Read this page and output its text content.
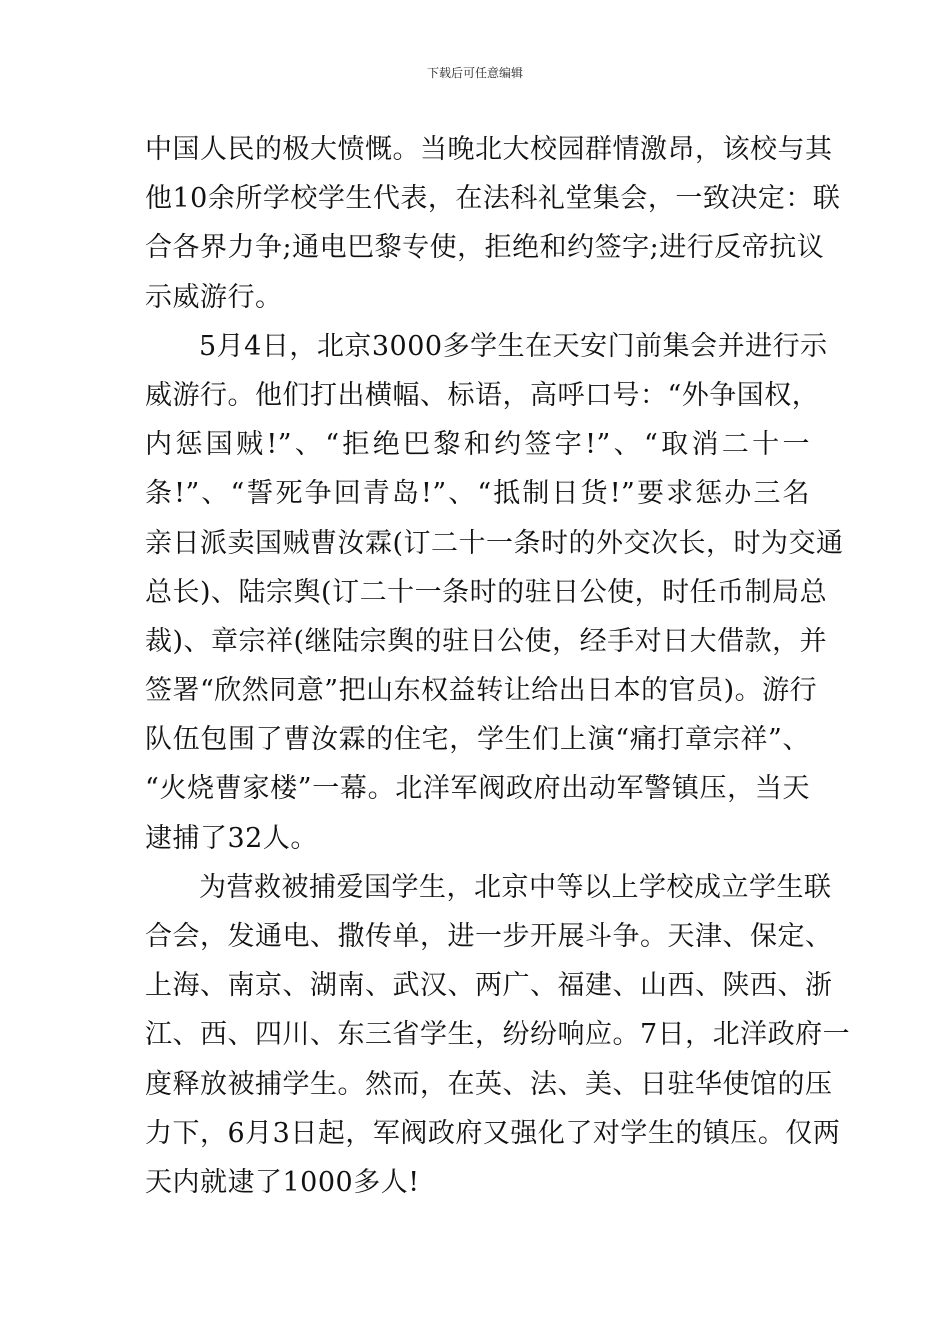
下载后可任意编辑
中国人民的极大愤慨。当晚北大校园群情激昂，该校与其
他10余所学校学生代表，在法科礼堂集会，一致决定：联
合各界力争;通电巴黎专使，拒绝和约签字;进行反帝抗议
示威游行。
5月4日，北京3000多学生在天安门前集会并进行示
威游行。他们打出横幅、标语，高呼口号：“外争国权，
内惩国贼!”、“拒绝巴黎和约签字!”、“取消二十一
条!”、“誓死争回青岛!”、“抵制日货!”要求惩办三名
亲日派卖国贼曹汝霖(订二十一条时的外交次长，时为交通
总长)、陆宗舆(订二十一条时的驻日公使，时任币制局总
裁)、章宗祥(继陆宗舆的驻日公使，经手对日大借款，并
签署“欣然同意”把山东权益转让给出日本的官员)。游行
队伍包围了曹汝霖的住宅，学生们上演“痛打章宗祥”、
“火烧曹家楼”一幕。北洋军阀政府出动军警镇压，当天
逮捕了32人。
为营救被捕爱国学生，北京中等以上学校成立学生联
合会，发通电、撒传单，进一步开展斗争。天津、保定、
上海、南京、湖南、武汉、两广、福建、山西、陕西、浙
江、西、四川、东三省学生，纷纷响应。7日，北洋政府一
度释放被捕学生。然而，在英、法、美、日驻华使馆的压
力下，6月3日起，军阀政府又强化了对学生的镇压。仅两
天内就逮了1000多人!
